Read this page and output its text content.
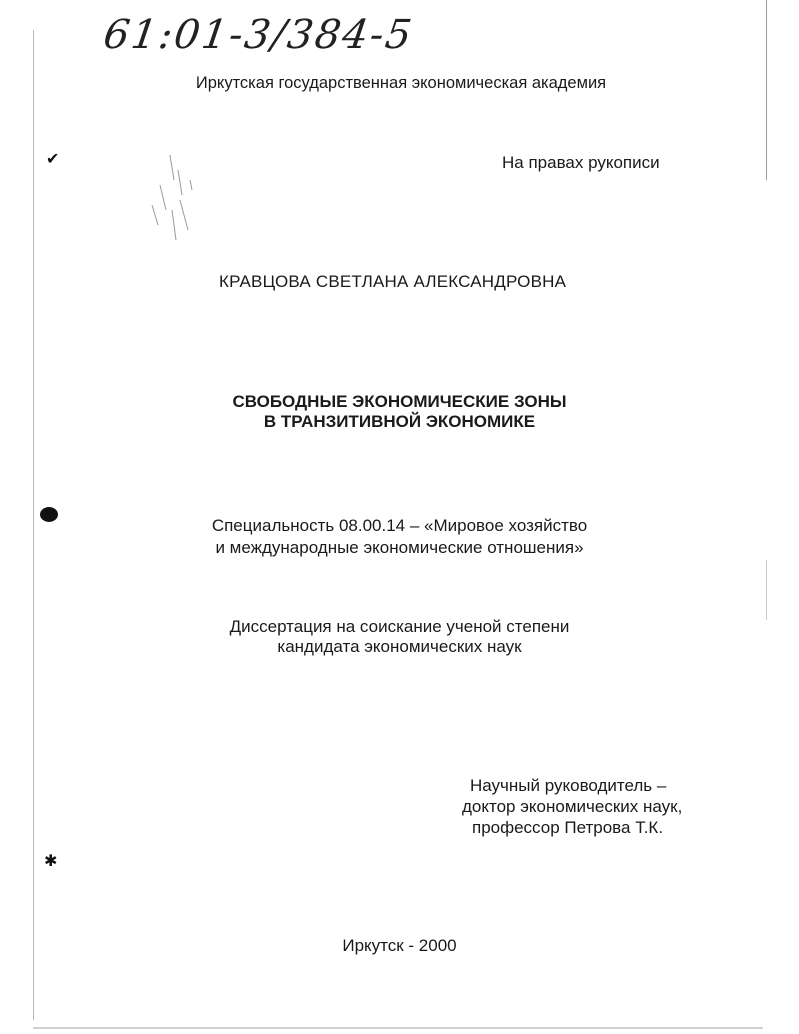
61:01-3/384-5
Иркутская государственная экономическая академия
✔	На правах рукописи
КРАВЦОВА СВЕТЛАНА АЛЕКСАНДРОВНА
СВОБОДНЫЕ ЭКОНОМИЧЕСКИЕ ЗОНЫ
В ТРАНЗИТИВНОЙ ЭКОНОМИКЕ
Специальность 08.00.14 – «Мировое хозяйство
и международные экономические отношения»
Диссертация на соискание ученой степени
кандидата экономических наук
Научный руководитель –
доктор экономических наук,
профессор Петрова Т.К.
✱
Иркутск - 2000
